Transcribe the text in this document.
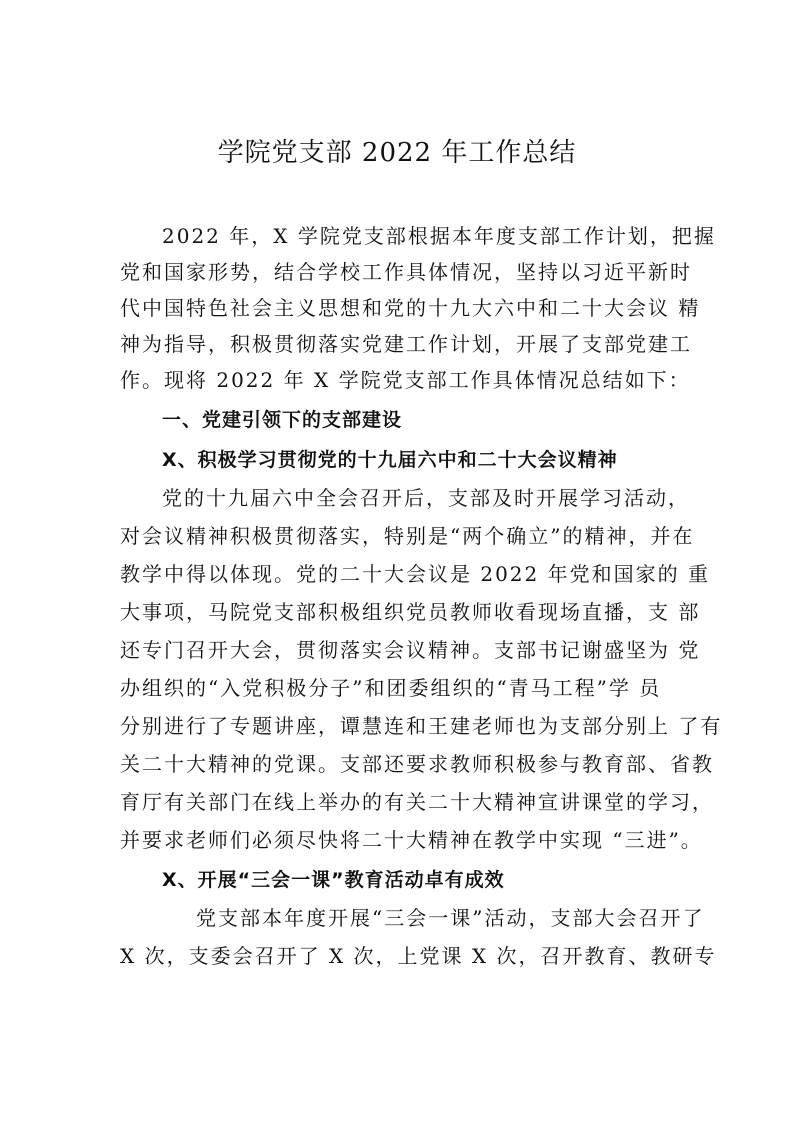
学院党支部 2022 年工作总结
2022 年，X 学院党支部根据本年度支部工作计划，把握
党和国家形势，结合学校工作具体情况，坚持以习近平新时
代中国特色社会主义思想和党的十九大六中和二十大会议 精
神为指导，积极贯彻落实党建工作计划，开展了支部党建工
作。现将 2022 年 X 学院党支部工作具体情况总结如下：
一、党建引领下的支部建设
X、积极学习贯彻党的十九届六中和二十大会议精神
党的十九届六中全会召开后，支部及时开展学习活动，
对会议精神积极贯彻落实，特别是“两个确立”的精神，并在
教学中得以体现。党的二十大会议是 2022 年党和国家的 重
大事项，马院党支部积极组织党员教师收看现场直播，支 部
还专门召开大会，贯彻落实会议精神。支部书记谢盛坚为 党
办组织的“入党积极分子”和团委组织的“青马工程”学 员
分别进行了专题讲座，谭慧连和王建老师也为支部分别上 了有
关二十大精神的党课。支部还要求教师积极参与教育部、省教
育厅有关部门在线上举办的有关二十大精神宣讲课堂的学习，
并要求老师们必须尽快将二十大精神在教学中实现 “三进”。
X、开展“三会一课”教育活动卓有成效
党支部本年度开展“三会一课”活动，支部大会召开了
X 次，支委会召开了 X 次，上党课 X 次，召开教育、教研专
